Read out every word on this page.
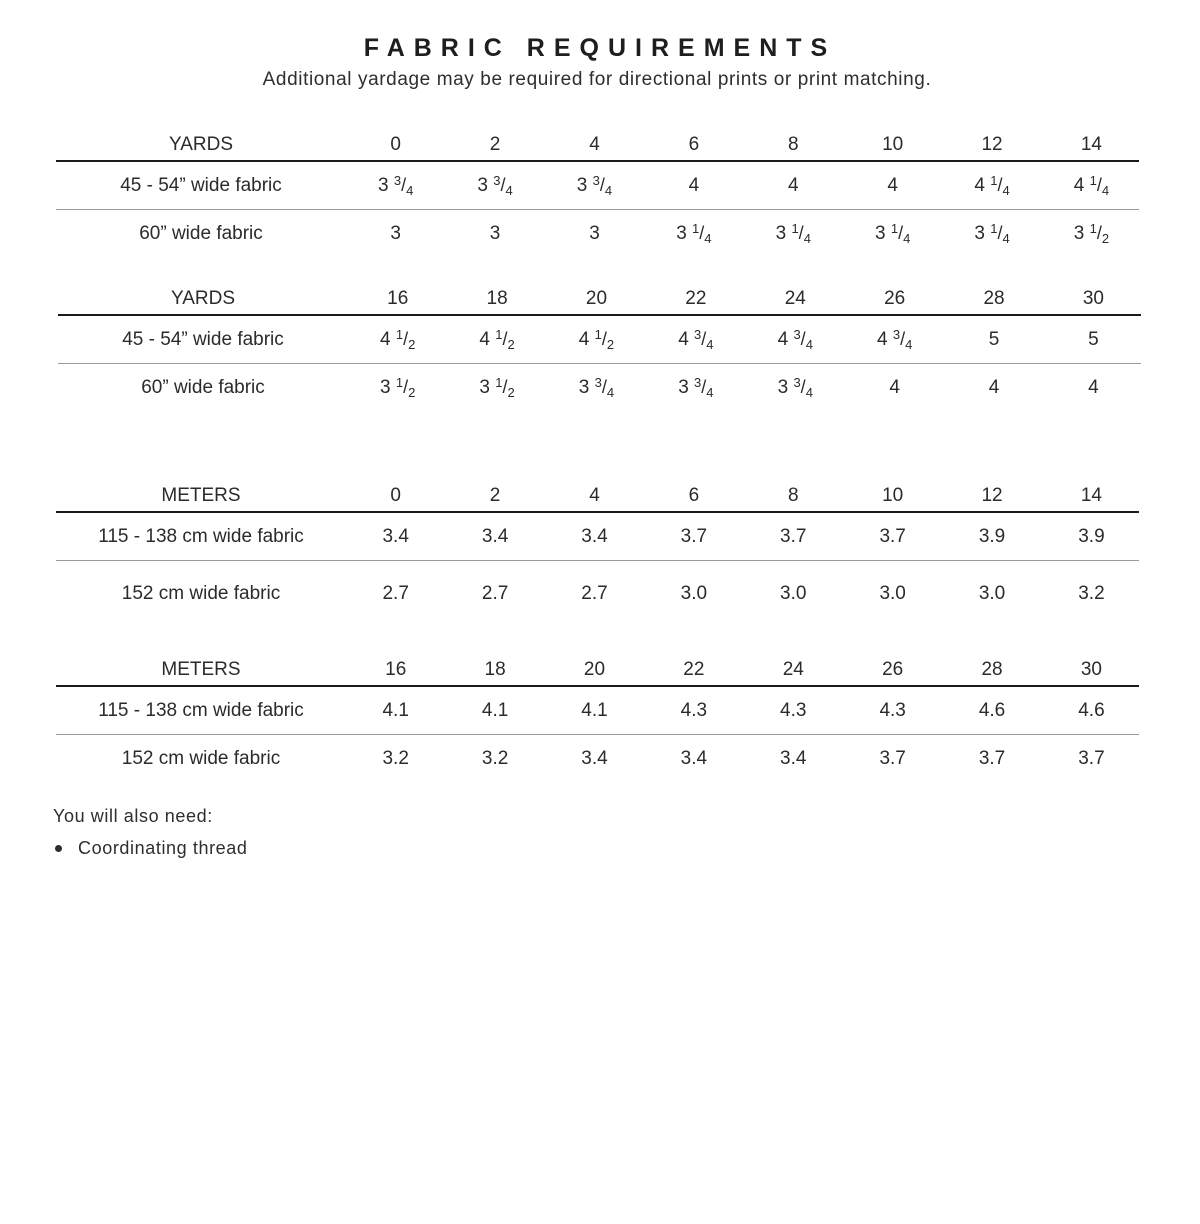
FABRIC REQUIREMENTS
Additional yardage may be required for directional prints or print matching.
YARDS	0	2	4	6	8	10	12	14
45 - 54” wide fabric	3 3/4	3 3/4	3 3/4	4	4	4	4 1/4	4 1/4
60” wide fabric	3	3	3	3 1/4	3 1/4	3 1/4	3 1/4	3 1/2
YARDS	16	18	20	22	24	26	28	30
45 - 54” wide fabric	4 1/2	4 1/2	4 1/2	4 3/4	4 3/4	4 3/4	5	5
60” wide fabric	3 1/2	3 1/2	3 3/4	3 3/4	3 3/4	4	4	4
METERS	0	2	4	6	8	10	12	14
115 - 138 cm wide fabric	3.4	3.4	3.4	3.7	3.7	3.7	3.9	3.9
152 cm wide fabric	2.7	2.7	2.7	3.0	3.0	3.0	3.0	3.2
METERS	16	18	20	22	24	26	28	30
115 - 138 cm wide fabric	4.1	4.1	4.1	4.3	4.3	4.3	4.6	4.6
152 cm wide fabric	3.2	3.2	3.4	3.4	3.4	3.7	3.7	3.7
You will also need:
Coordinating thread
